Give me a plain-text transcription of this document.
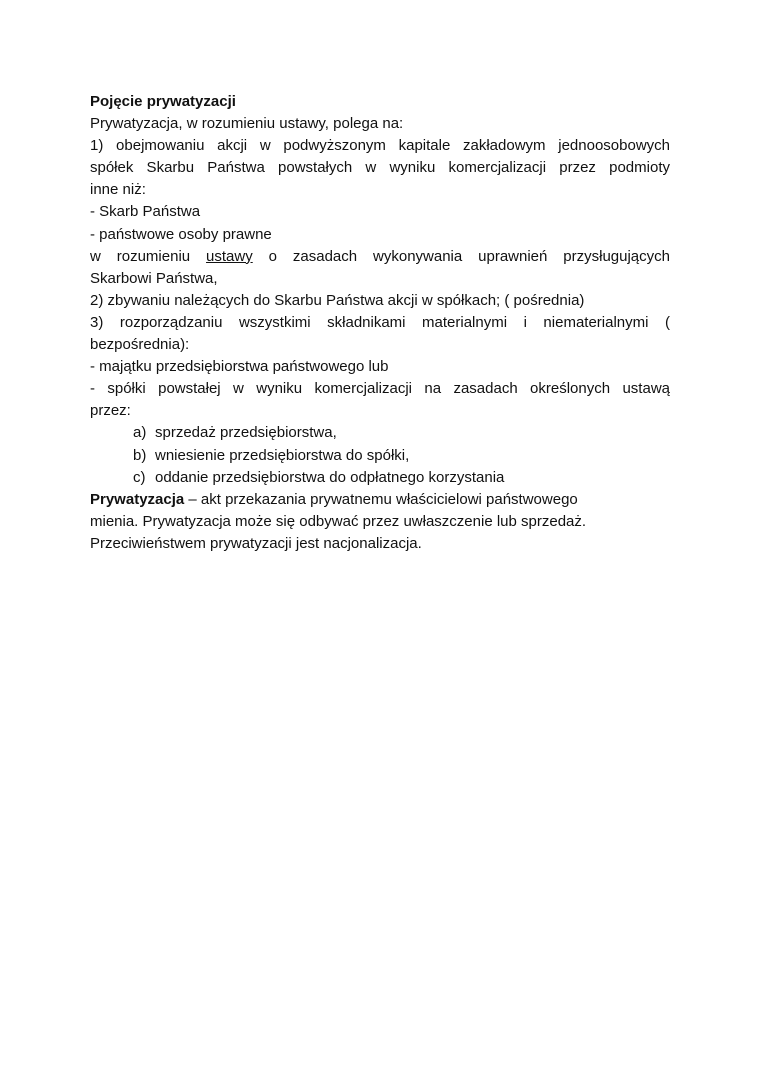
Pojęcie prywatyzacji
Prywatyzacja, w rozumieniu ustawy, polega na:
1) obejmowaniu akcji w podwyższonym kapitale zakładowym jednoosobowych
spółek Skarbu Państwa powstałych w wyniku komercjalizacji przez podmioty
inne niż:
- Skarb Państwa
- państwowe osoby prawne
w rozumieniu ustawy o zasadach wykonywania uprawnień przysługujących
Skarbowi Państwa,
2) zbywaniu należących do Skarbu Państwa akcji w spółkach; ( pośrednia)
3) rozporządzaniu wszystkimi składnikami materialnymi i niematerialnymi (
bezpośrednia):
- majątku przedsiębiorstwa państwowego lub
- spółki powstałej w wyniku komercjalizacji na zasadach określonych ustawą
przez:
a) sprzedaż przedsiębiorstwa,
b) wniesienie przedsiębiorstwa do spółki,
c) oddanie przedsiębiorstwa do odpłatnego korzystania
Prywatyzacja – akt przekazania prywatnemu właścicielowi państwowego
mienia. Prywatyzacja może się odbywać przez uwłaszczenie lub sprzedaż.
Przeciwieństwem prywatyzacji jest nacjonalizacja.
